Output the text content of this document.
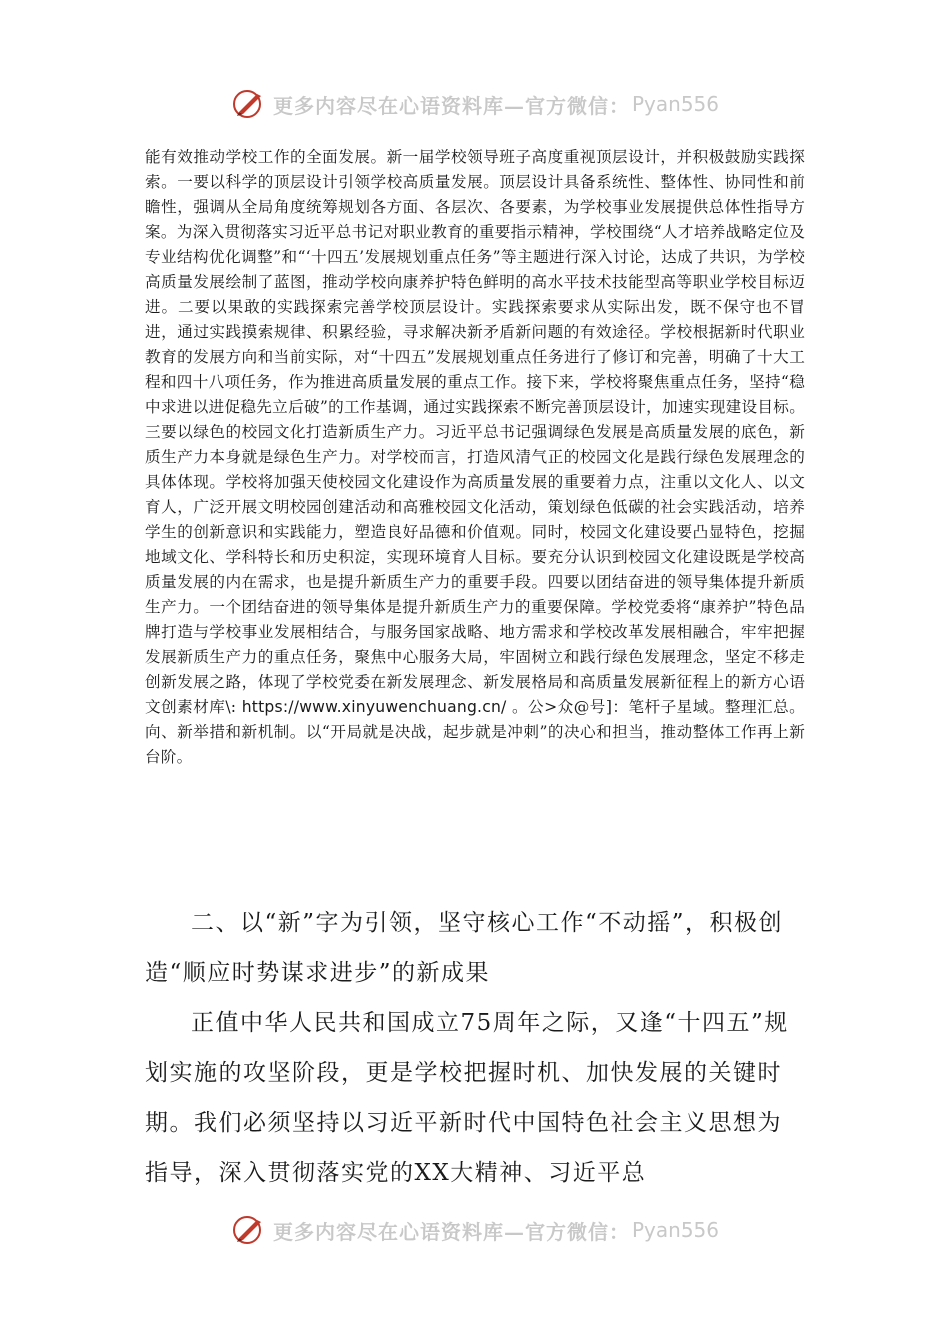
更多内容尽在心语资料库—官方微信： Pyan556

能有效推动学校工作的全面发展。新一届学校领导班子高度重视顶层设计，并积极鼓励实践探索。一要以科学的顶层设计引领学校高质量发展。顶层设计具备系统性、整体性、协同性和前瞻性，强调从全局角度统筹规划各方面、各层次、各要素，为学校事业发展提供总体性指导方案。为深入贯彻落实习近平总书记对职业教育的重要指示精神，学校围绕“人才培养战略定位及专业结构优化调整”和“‘十四五’发展规划重点任务”等主题进行深入讨论，达成了共识，为学校高质量发展绘制了蓝图，推动学校向康养护特色鲜明的高水平技术技能型高等职业学校目标迈进。二要以果敢的实践探索完善学校顶层设计。实践探索要求从实际出发，既不保守也不冒进，通过实践摸索规律、积累经验，寻求解决新矛盾新问题的有效途径。学校根据新时代职业教育的发展方向和当前实际，对“十四五”发展规划重点任务进行了修订和完善，明确了十大工程和四十八项任务，作为推进高质量发展的重点工作。接下来，学校将聚焦重点任务，坚持“稳中求进以进促稳先立后破”的工作基调，通过实践探索不断完善顶层设计，加速实现建设目标。三要以绿色的校园文化打造新质生产力。习近平总书记强调绿色发展是高质量发展的底色，新质生产力本身就是绿色生产力。对学校而言，打造风清气正的校园文化是践行绿色发展理念的具体体现。学校将加强天使校园文化建设作为高质量发展的重要着力点，注重以文化人、以文育人，广泛开展文明校园创建活动和高雅校园文化活动，策划绿色低碳的社会实践活动，培养学生的创新意识和实践能力，塑造良好品德和价值观。同时，校园文化建设要凸显特色，挖掘地域文化、学科特长和历史积淀，实现环境育人目标。要充分认识到校园文化建设既是学校高质量发展的内在需求，也是提升新质生产力的重要手段。四要以团结奋进的领导集体提升新质生产力。一个团结奋进的领导集体是提升新质生产力的重要保障。学校党委将“康养护”特色品牌打造与学校事业发展相结合，与服务国家战略、地方需求和学校改革发展相融合，牢牢把握发展新质生产力的重点任务，聚焦中心服务大局，牢固树立和践行绿色发展理念，坚定不移走创新发展之路，体现了学校党委在新发展理念、新发展格局和高质量发展新征程上的新方心语文创素材库\: https://www.xinyuwenchuang.cn/ 。公>众@号]：笔杆子星域。整理汇总。向、新举措和新机制。以“开局就是决战，起步就是冲刺”的决心和担当，推动整体工作再上新台阶。

二、以“新”字为引领，坚守核心工作“不动摇”，积极创造“顺应时势谋求进步”的新成果

正值中华人民共和国成立75周年之际，又逢“十四五”规划实施的攻坚阶段，更是学校把握时机、加快发展的关键时期。我们必须坚持以习近平新时代中国特色社会主义思想为指导，深入贯彻落实党的XX大精神、习近平总

更多内容尽在心语资料库—官方微信： Pyan556
